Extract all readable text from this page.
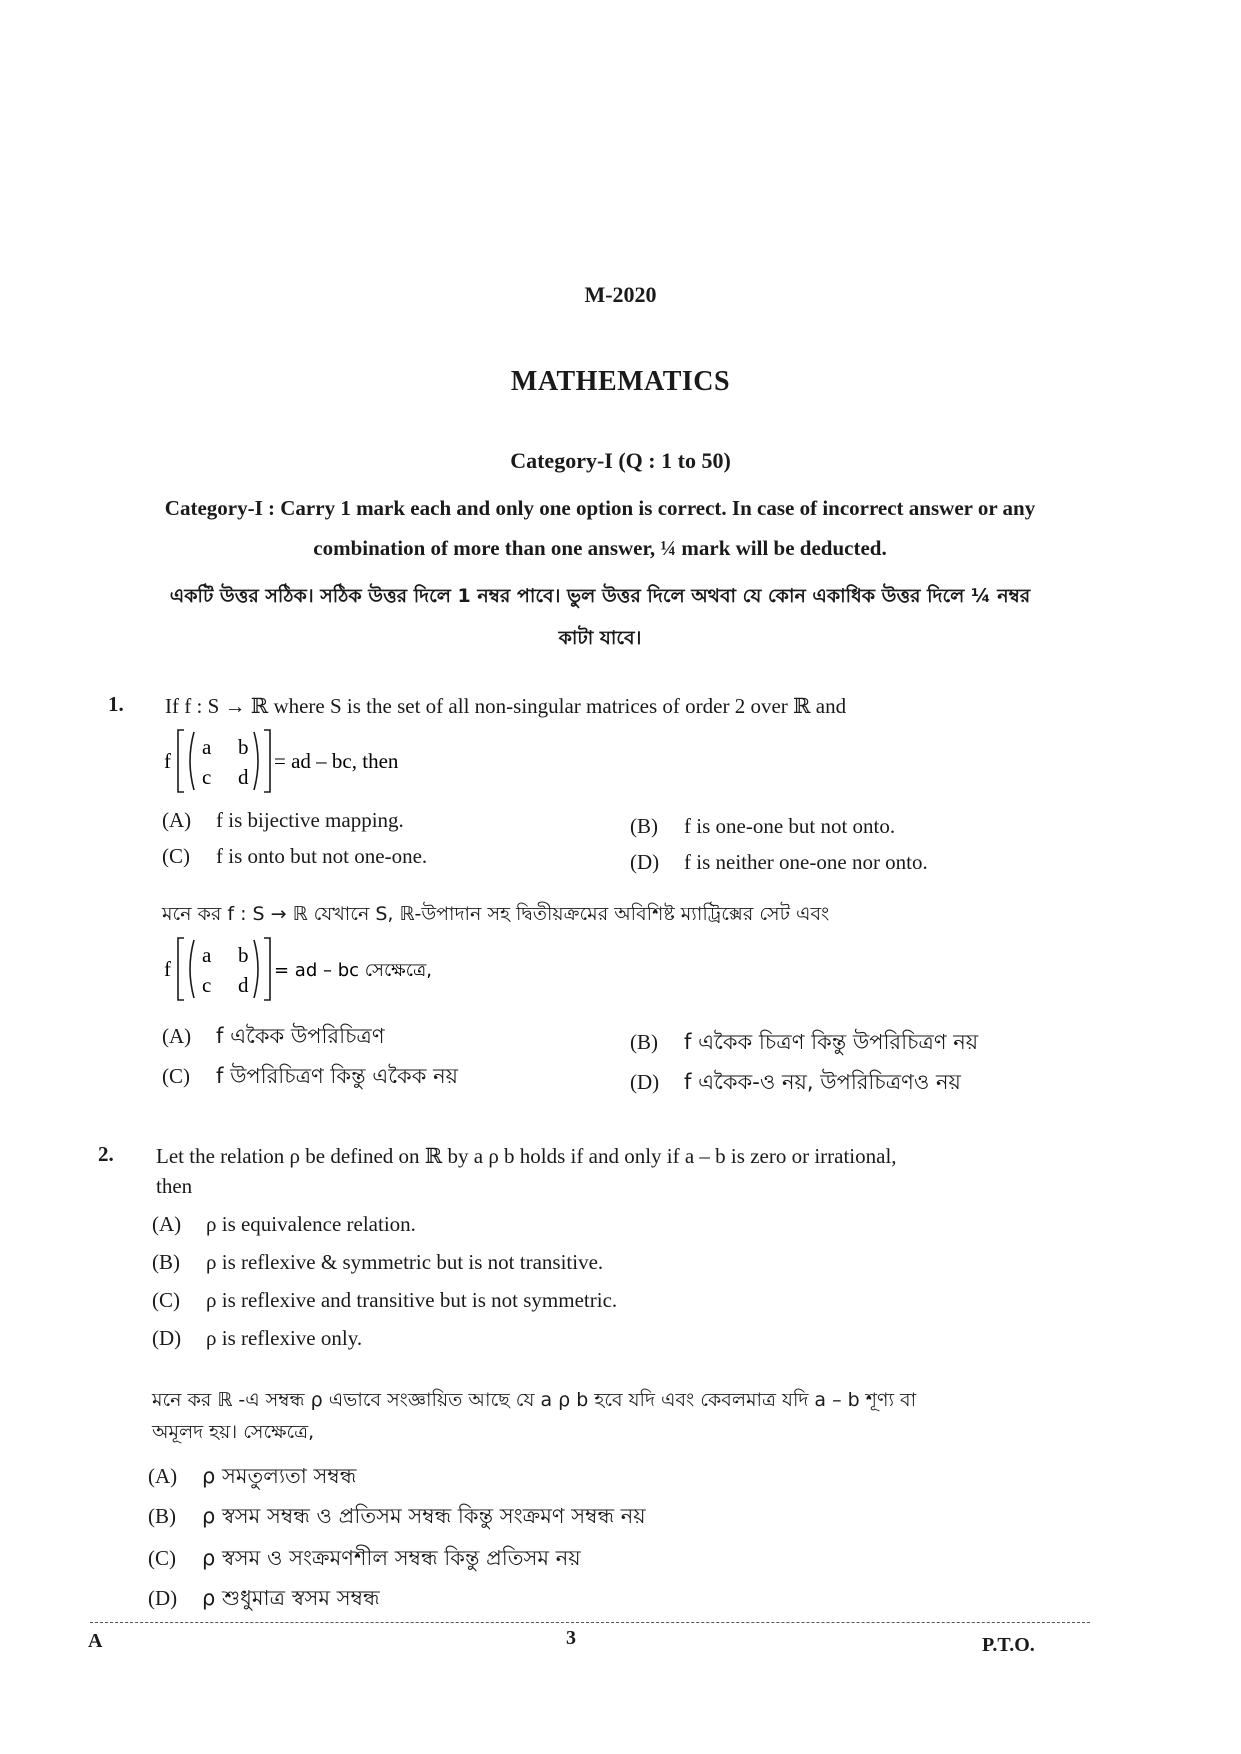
M-2020
MATHEMATICS
Category-I (Q : 1 to 50)
Category-I : Carry 1 mark each and only one option is correct. In case of incorrect answer or any combination of more than one answer, ¼ mark will be deducted.
একটি উত্তর সঠিক। সঠিক উত্তর দিলে 1 নম্বর পাবে। ভুল উত্তর দিলে অথবা যে কোন একাধিক উত্তর দিলে ¼ নম্বর কাটা যাবে।
1. If f : S → ℝ where S is the set of all non-singular matrices of order 2 over ℝ and
f
a b
c d
= ad – bc, then
(A) f is bijective mapping.	(B) f is one-one but not onto.
(C) f is onto but not one-one.	(D) f is neither one-one nor onto.
মনে কর f : S → ℝ যেখানে S, ℝ-উপাদান সহ দ্বিতীয়ক্রমের অবিশিষ্ট ম্যাট্রিক্সের সেট এবং
f
a b
c d
= ad – bc সেক্ষেত্রে,
(A) f একৈক উপরিচিত্রণ	(B) f একৈক চিত্রণ কিন্তু উপরিচিত্রণ নয়
(C) f উপরিচিত্রণ কিন্তু একৈক নয়	(D) f একৈক-ও নয়, উপরিচিত্রণও নয়
2. Let the relation ρ be defined on ℝ by a ρ b holds if and only if a – b is zero or irrational,
then
(A) ρ is equivalence relation.
(B) ρ is reflexive & symmetric but is not transitive.
(C) ρ is reflexive and transitive but is not symmetric.
(D) ρ is reflexive only.
মনে কর ℝ -এ সম্বন্ধ ρ এভাবে সংজ্ঞায়িত আছে যে a ρ b হবে যদি এবং কেবলমাত্র যদি a – b শূণ্য বা
অমূলদ হয়। সেক্ষেত্রে,
(A) ρ সমতুল্যতা সম্বন্ধ
(B) ρ স্বসম সম্বন্ধ ও প্রতিসম সম্বন্ধ কিন্তু সংক্রমণ সম্বন্ধ নয়
(C) ρ স্বসম ও সংক্রমণশীল সম্বন্ধ কিন্তু প্রতিসম নয়
(D) ρ শুধুমাত্র স্বসম সম্বন্ধ
A	3	P.T.O.
